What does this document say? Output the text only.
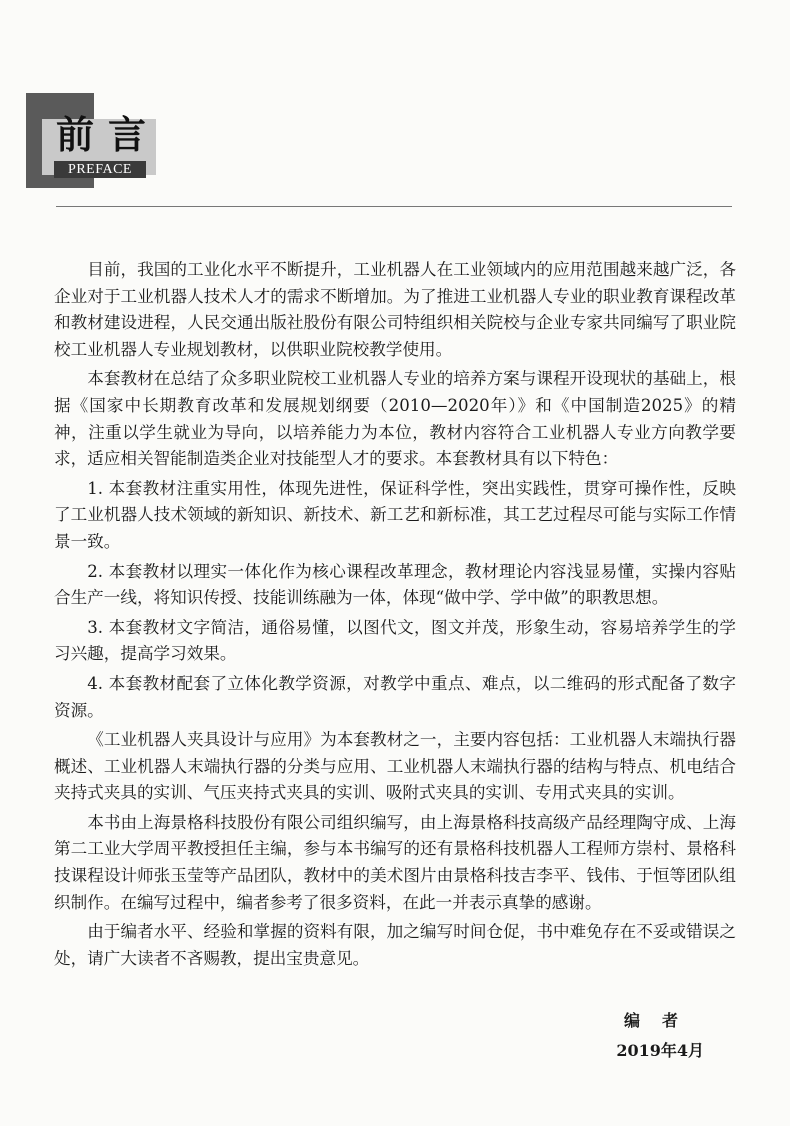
前言
PREFACE

目前，我国的工业化水平不断提升，工业机器人在工业领域内的应用范围越来越广泛，各企业对于工业机器人技术人才的需求不断增加。为了推进工业机器人专业的职业教育课程改革和教材建设进程，人民交通出版社股份有限公司特组织相关院校与企业专家共同编写了职业院校工业机器人专业规划教材，以供职业院校教学使用。

本套教材在总结了众多职业院校工业机器人专业的培养方案与课程开设现状的基础上，根据《国家中长期教育改革和发展规划纲要（2010—2020年）》和《中国制造2025》的精神，注重以学生就业为导向，以培养能力为本位，教材内容符合工业机器人专业方向教学要求，适应相关智能制造类企业对技能型人才的要求。本套教材具有以下特色：

1. 本套教材注重实用性，体现先进性，保证科学性，突出实践性，贯穿可操作性，反映了工业机器人技术领域的新知识、新技术、新工艺和新标准，其工艺过程尽可能与实际工作情景一致。

2. 本套教材以理实一体化作为核心课程改革理念，教材理论内容浅显易懂，实操内容贴合生产一线，将知识传授、技能训练融为一体，体现“做中学、学中做”的职教思想。

3. 本套教材文字简洁，通俗易懂，以图代文，图文并茂，形象生动，容易培养学生的学习兴趣，提高学习效果。

4. 本套教材配套了立体化教学资源，对教学中重点、难点，以二维码的形式配备了数字资源。

《工业机器人夹具设计与应用》为本套教材之一，主要内容包括：工业机器人末端执行器概述、工业机器人末端执行器的分类与应用、工业机器人末端执行器的结构与特点、机电结合夹持式夹具的实训、气压夹持式夹具的实训、吸附式夹具的实训、专用式夹具的实训。

本书由上海景格科技股份有限公司组织编写，由上海景格科技高级产品经理陶守成、上海第二工业大学周平教授担任主编，参与本书编写的还有景格科技机器人工程师方崇村、景格科技课程设计师张玉莹等产品团队，教材中的美术图片由景格科技吉李平、钱伟、于恒等团队组织制作。在编写过程中，编者参考了很多资料，在此一并表示真挚的感谢。

由于编者水平、经验和掌握的资料有限，加之编写时间仓促，书中难免存在不妥或错误之处，请广大读者不吝赐教，提出宝贵意见。

编者
2019年4月
